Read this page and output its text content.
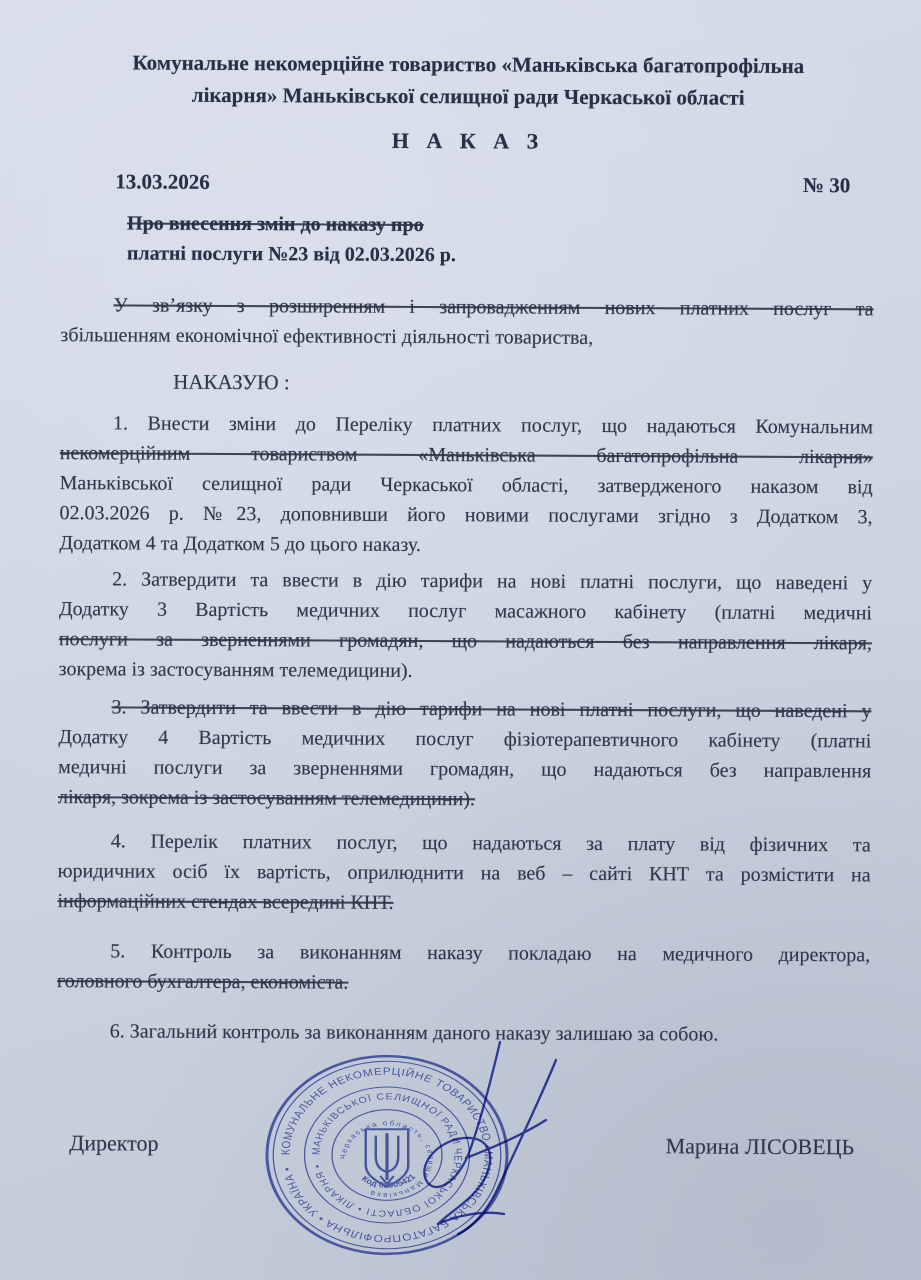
Комунальне некомерційне товариство «Маньківська багатопрофільна
лікарня» Маньківської селищної ради Черкаської області
Н А К А З
13.03.2026	№ 30
Про внесення змін до наказу про
платні послуги №23 від 02.03.2026 р.
У зв’язку з розширенням і запровадженням нових платних послуг та
збільшенням економічної ефективності діяльності товариства,
НАКАЗУЮ :
1. Внести зміни до Переліку платних послуг, що надаються Комунальним
некомерційним товариством «Маньківська багатопрофільна лікарня»
Маньківської селищної ради Черкаської області, затвердженого наказом від
02.03.2026 р. №23, доповнивши його новими послугами згідно з Додатком 3,
Додатком 4 та Додатком 5 до цього наказу.
2. Затвердити та ввести в дію тарифи на нові платні послуги, що наведені у
Додатку 3 Вартість медичних послуг масажного кабінету (платні медичні
послуги за зверненнями громадян, що надаються без направлення лікаря,
зокрема із застосуванням телемедицини).
3. Затвердити та ввести в дію тарифи на нові платні послуги, що наведені у
Додатку 4 Вартість медичних послуг фізіотерапевтичного кабінету (платні
медичні послуги за зверненнями громадян, що надаються без направлення
лікаря, зокрема із застосуванням телемедицини).
4. Перелік платних послуг, що надаються за плату від фізичних та
юридичних осіб їх вартість, оприлюднити на веб – сайті КНТ та розмістити на
інформаційних стендах всередині КНТ.
5. Контроль за виконанням наказу покладаю на медичного директора,
головного бухгалтера, економіста.
6. Загальний контроль за виконанням даного наказу залишаю за собою.
Директор	Марина ЛІСОВЕЦЬ
КОМУНАЛЬНЕ НЕКОМЕРЦІЙНЕ ТОВАРИСТВО «МАНЬКІВСЬКА БАГАТОПРОФІЛЬНА • УКРАЇНА •
МАНЬКІВСЬКОЇ СЕЛИЩНОЇ РАДИ ЧЕРКАСЬКОЇ ОБЛАСТІ • ЛІКАРНЯ •
Черкаська область, селище Маньківка
Код 02005421
